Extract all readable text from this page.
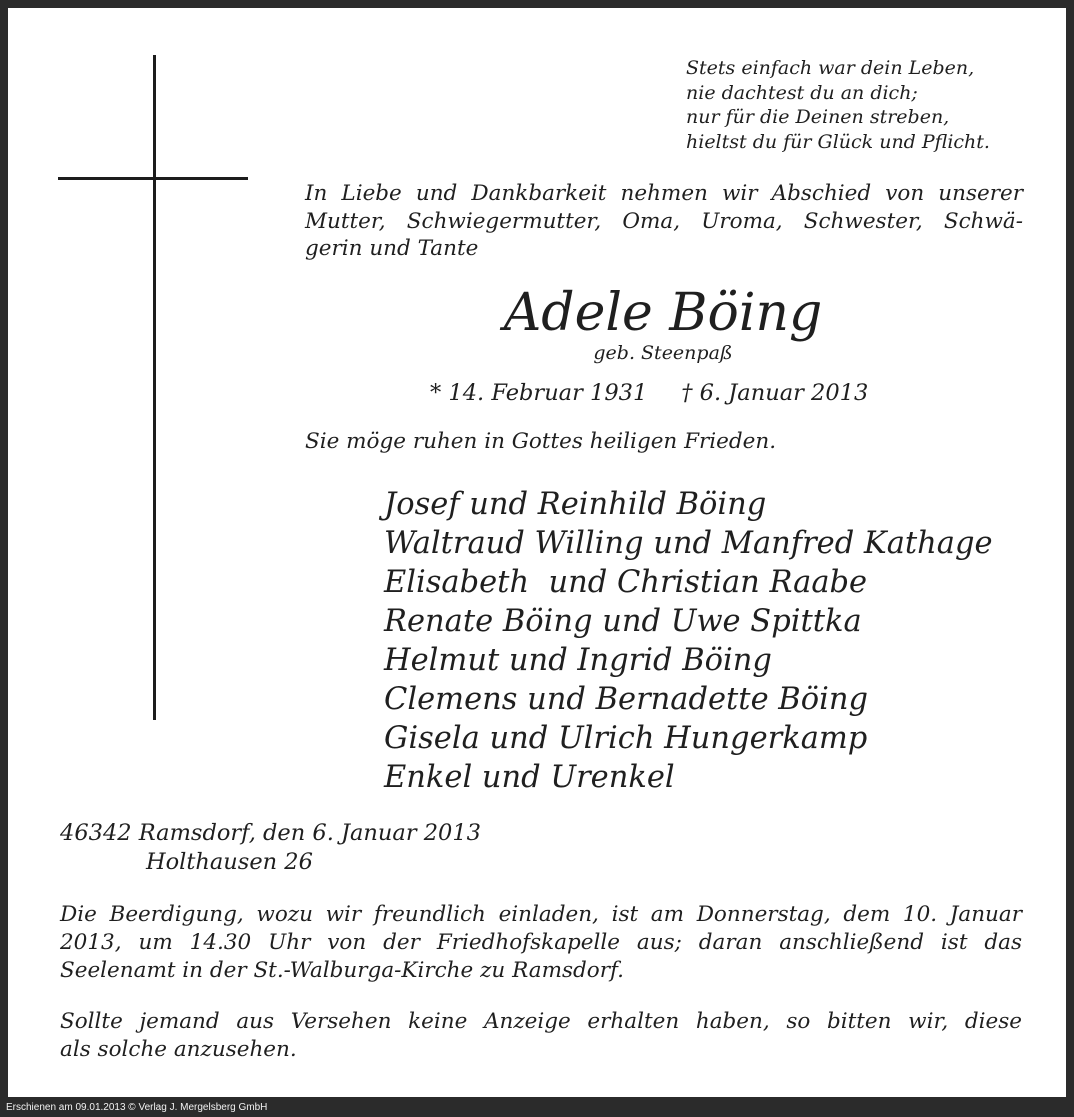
Stets einfach war dein Leben,
nie dachtest du an dich;
nur für die Deinen streben,
hieltst du für Glück und Pflicht.
In Liebe und Dankbarkeit nehmen wir Abschied von unserer
Mutter, Schwiegermutter, Oma, Uroma, Schwester, Schwä-
gerin und Tante
Adele Böing
geb. Steenpaß
* 14. Februar 1931 † 6. Januar 2013
Sie möge ruhen in Gottes heiligen Frieden.
Josef und Reinhild Böing
Waltraud Willing und Manfred Kathage
Elisabeth  und Christian Raabe
Renate Böing und Uwe Spittka
Helmut und Ingrid Böing
Clemens und Bernadette Böing
Gisela und Ulrich Hungerkamp
Enkel und Urenkel
46342 Ramsdorf, den 6. Januar 2013
Holthausen 26
Die Beerdigung, wozu wir freundlich einladen, ist am Donnerstag, dem 10. Januar
2013, um 14.30 Uhr von der Friedhofskapelle aus; daran anschließend ist das
Seelenamt in der St.-Walburga-Kirche zu Ramsdorf.
Sollte jemand aus Versehen keine Anzeige erhalten haben, so bitten wir, diese
als solche anzusehen.
Erschienen am 09.01.2013 © Verlag J. Mergelsberg GmbH
